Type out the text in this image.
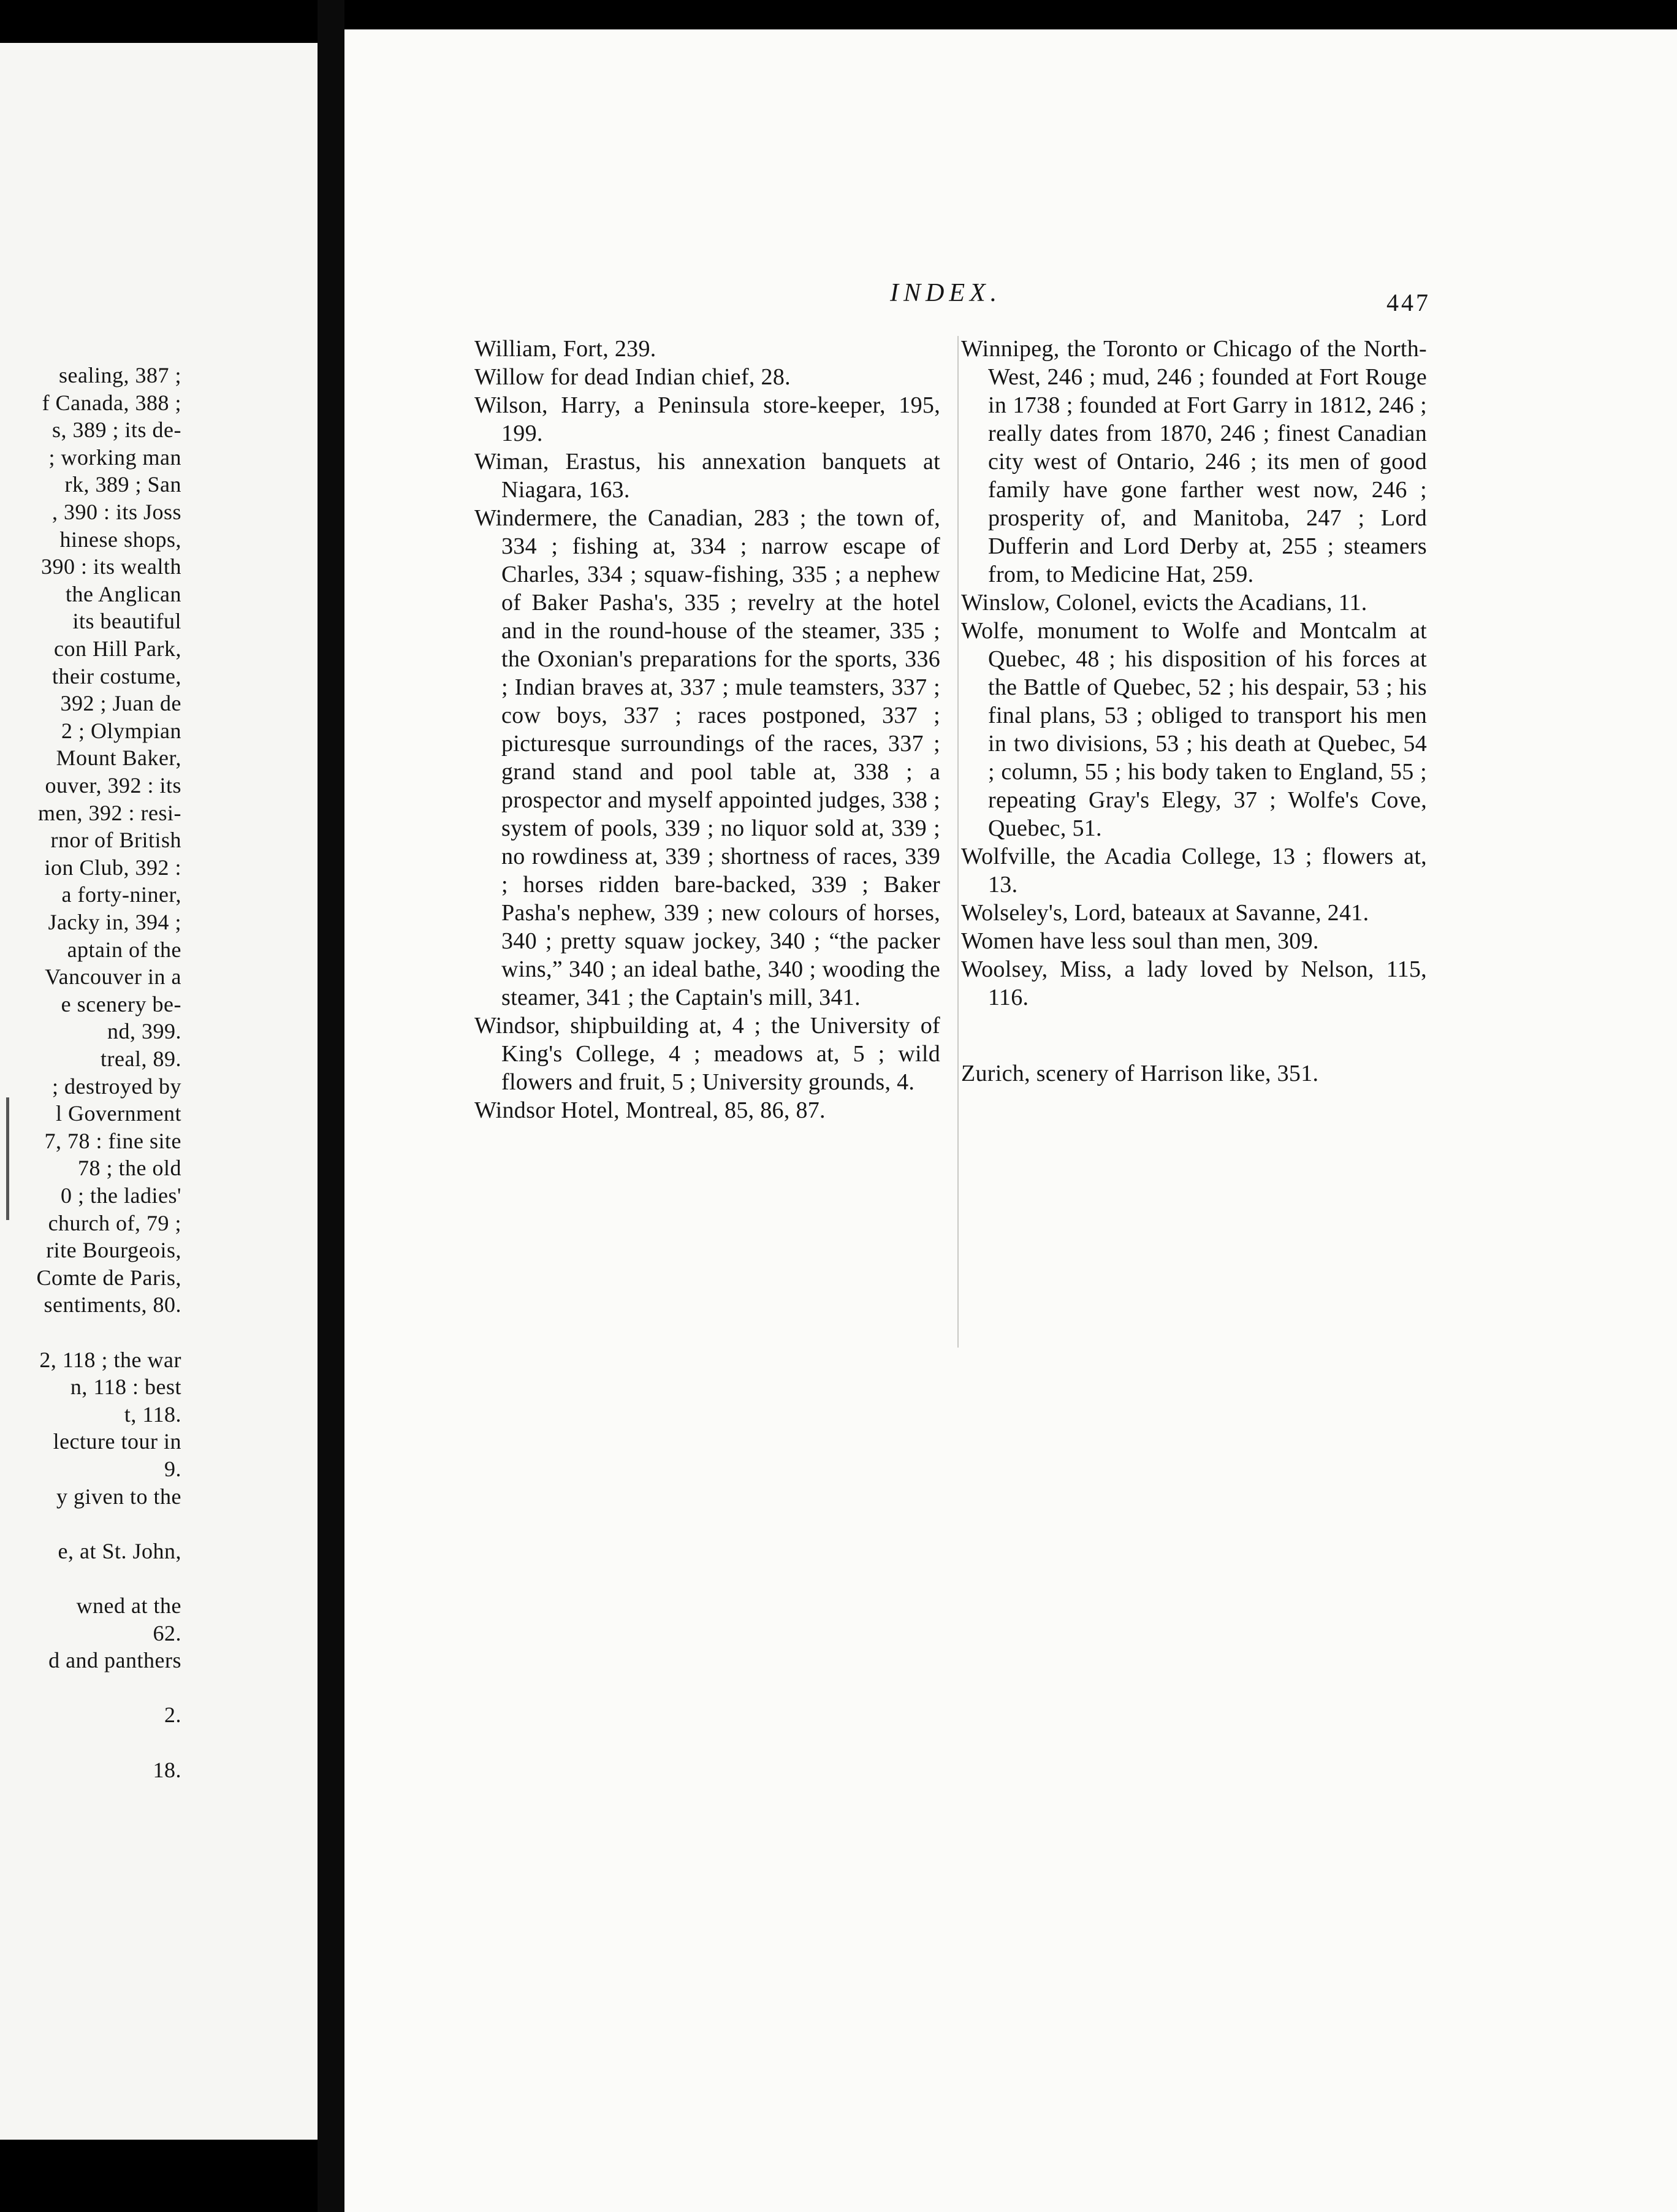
sealing, 387 ;
f Canada, 388 ;
s, 389 ; its de-
; working man
rk, 389 ; San
, 390 : its Joss
hinese shops,
390 : its wealth
the Anglican
its beautiful
con Hill Park,
their costume,
392 ; Juan de
2 ; Olympian
Mount Baker,
ouver, 392 : its
men, 392 : resi-
rnor of British
ion Club, 392 :
a forty-niner,
Jacky in, 394 ;
aptain of the
Vancouver in a
e scenery be-
nd, 399.
treal, 89.
; destroyed by
l Government
7, 78 : fine site
78 ; the old
0 ; the ladies'
church of, 79 ;
rite Bourgeois,
Comte de Paris,
sentiments, 80.
2, 118 ; the war
n, 118 : best
t, 118.
lecture tour in
9.
y given to the
e, at St. John,
wned at the
62.
d and panthers
2.
18.
INDEX.	447

William, Fort, 239.

Willow for dead Indian chief, 28.

Wilson, Harry, a Peninsula store-keeper, 195, 199.

Wiman, Erastus, his annexation banquets at Niagara, 163.

Windermere, the Canadian, 283 ; the town of, 334 ; fishing at, 334 ; narrow escape of Charles, 334 ; squaw-fishing, 335 ; a nephew of Baker Pasha's, 335 ; revelry at the hotel and in the round-house of the steamer, 335 ; the Oxonian's preparations for the sports, 336 ; Indian braves at, 337 ; mule teamsters, 337 ; cow boys, 337 ; races postponed, 337 ; picturesque surroundings of the races, 337 ; grand stand and pool table at, 338 ; a prospector and myself appointed judges, 338 ; system of pools, 339 ; no liquor sold at, 339 ; no rowdiness at, 339 ; shortness of races, 339 ; horses ridden bare-backed, 339 ; Baker Pasha's nephew, 339 ; new colours of horses, 340 ; pretty squaw jockey, 340 ; “the packer wins,” 340 ; an ideal bathe, 340 ; wooding the steamer, 341 ; the Captain's mill, 341.

Windsor, shipbuilding at, 4 ; the University of King's College, 4 ; meadows at, 5 ; wild flowers and fruit, 5 ; University grounds, 4.

Windsor Hotel, Montreal, 85, 86, 87.

Winnipeg, the Toronto or Chicago of the North-West, 246 ; mud, 246 ; founded at Fort Rouge in 1738 ; founded at Fort Garry in 1812, 246 ; really dates from 1870, 246 ; finest Canadian city west of Ontario, 246 ; its men of good family have gone farther west now, 246 ; prosperity of, and Manitoba, 247 ; Lord Dufferin and Lord Derby at, 255 ; steamers from, to Medicine Hat, 259.

Winslow, Colonel, evicts the Acadians, 11.

Wolfe, monument to Wolfe and Montcalm at Quebec, 48 ; his disposition of his forces at the Battle of Quebec, 52 ; his despair, 53 ; his final plans, 53 ; obliged to transport his men in two divisions, 53 ; his death at Quebec, 54 ; column, 55 ; his body taken to England, 55 ; repeating Gray's Elegy, 37 ; Wolfe's Cove, Quebec, 51.

Wolfville, the Acadia College, 13 ; flowers at, 13.

Wolseley's, Lord, bateaux at Savanne, 241.

Women have less soul than men, 309.

Woolsey, Miss, a lady loved by Nelson, 115, 116.

Zurich, scenery of Harrison like, 351.
